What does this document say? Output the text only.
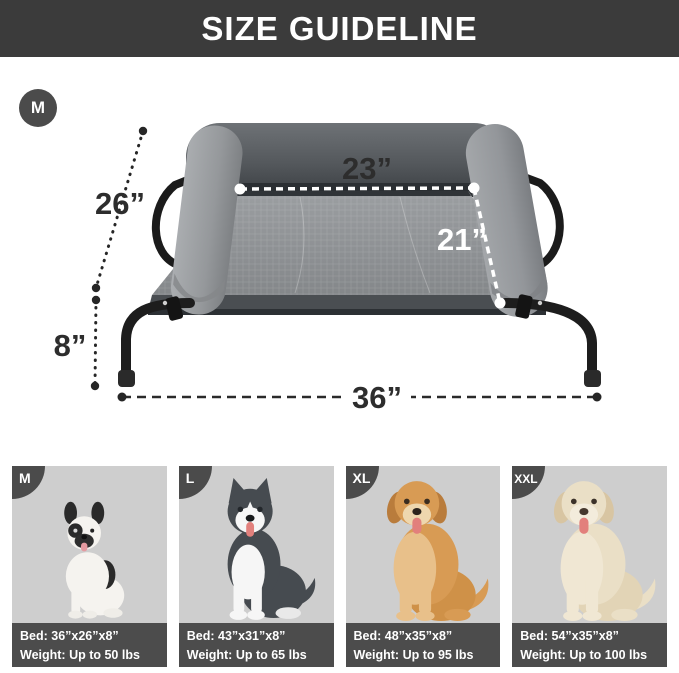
SIZE GUIDELINE
M
23”
21”
26”
8”
36”
M
Bed: 36”x26”x8”
Weight: Up to 50 lbs
L
Bed: 43”x31”x8”
Weight: Up to 65 lbs
XL
Bed: 48”x35”x8”
Weight: Up to 95 lbs
XXL
Bed: 54”x35”x8”
Weight: Up to 100 lbs
